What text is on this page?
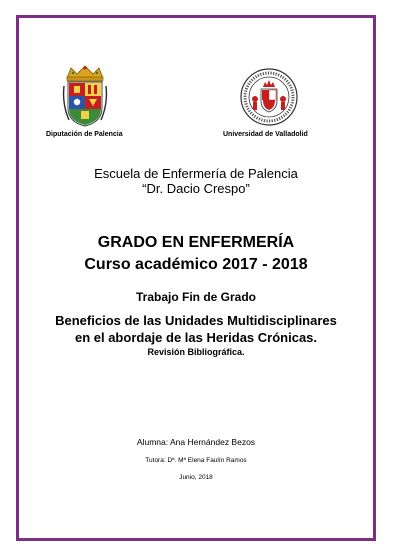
Diputación de Palencia	Universidad de Valladolid
Escuela de Enfermería de Palencia
“Dr. Dacio Crespo”
GRADO EN ENFERMERÍA
Curso académico 2017 - 2018
Trabajo Fin de Grado
Beneficios de las Unidades Multidisciplinares
en el abordaje de las Heridas Crónicas.
Revisión Bibliográfica.
Alumna: Ana Hernández Bezos
Tutora: Dª. Mª Elena Faulín Ramos
Junio, 2018
